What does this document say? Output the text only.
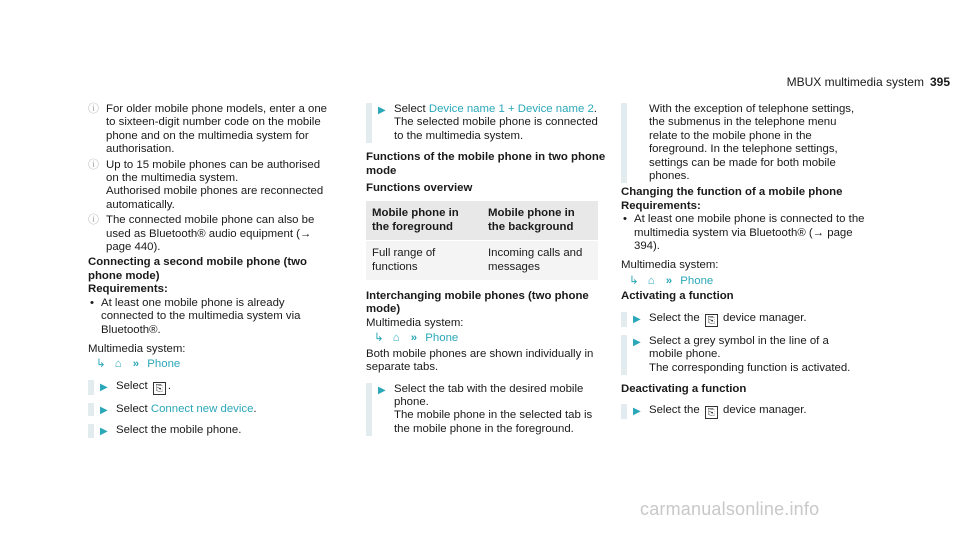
MBUX multimedia system 395
ⓘ For older mobile phone models, enter a one to sixteen-digit number code on the mobile phone and on the multimedia system for authorisation.
ⓘ Up to 15 mobile phones can be authorised on the multimedia system.
Authorised mobile phones are reconnected automatically.
ⓘ The connected mobile phone can also be used as Bluetooth® audio equipment (→ page 440).
Connecting a second mobile phone (two phone mode)
Requirements:
• At least one mobile phone is already connected to the multimedia system via Bluetooth®.
Multimedia system:
↳ ⌂ » Phone
▶ Select ⎘ .
▶ Select Connect new device.
▶ Select the mobile phone.
▶ Select Device name 1 + Device name 2.
The selected mobile phone is connected to the multimedia system.
Functions of the mobile phone in two phone mode
Functions overview
Mobile phone in the foreground	Mobile phone in the background
Full range of functions	Incoming calls and messages
Interchanging mobile phones (two phone mode)
Multimedia system:
↳ ⌂ » Phone
Both mobile phones are shown individually in separate tabs.
▶ Select the tab with the desired mobile phone.
The mobile phone in the selected tab is the mobile phone in the foreground.
With the exception of telephone settings, the submenus in the telephone menu relate to the mobile phone in the foreground. In the telephone settings, settings can be made for both mobile phones.
Changing the function of a mobile phone
Requirements:
• At least one mobile phone is connected to the multimedia system via Bluetooth® (→ page 394).
Multimedia system:
↳ ⌂ » Phone
Activating a function
▶ Select the ⎘ device manager.
▶ Select a grey symbol in the line of a mobile phone.
The corresponding function is activated.
Deactivating a function
▶ Select the ⎘ device manager.
carmanualsonline.info
